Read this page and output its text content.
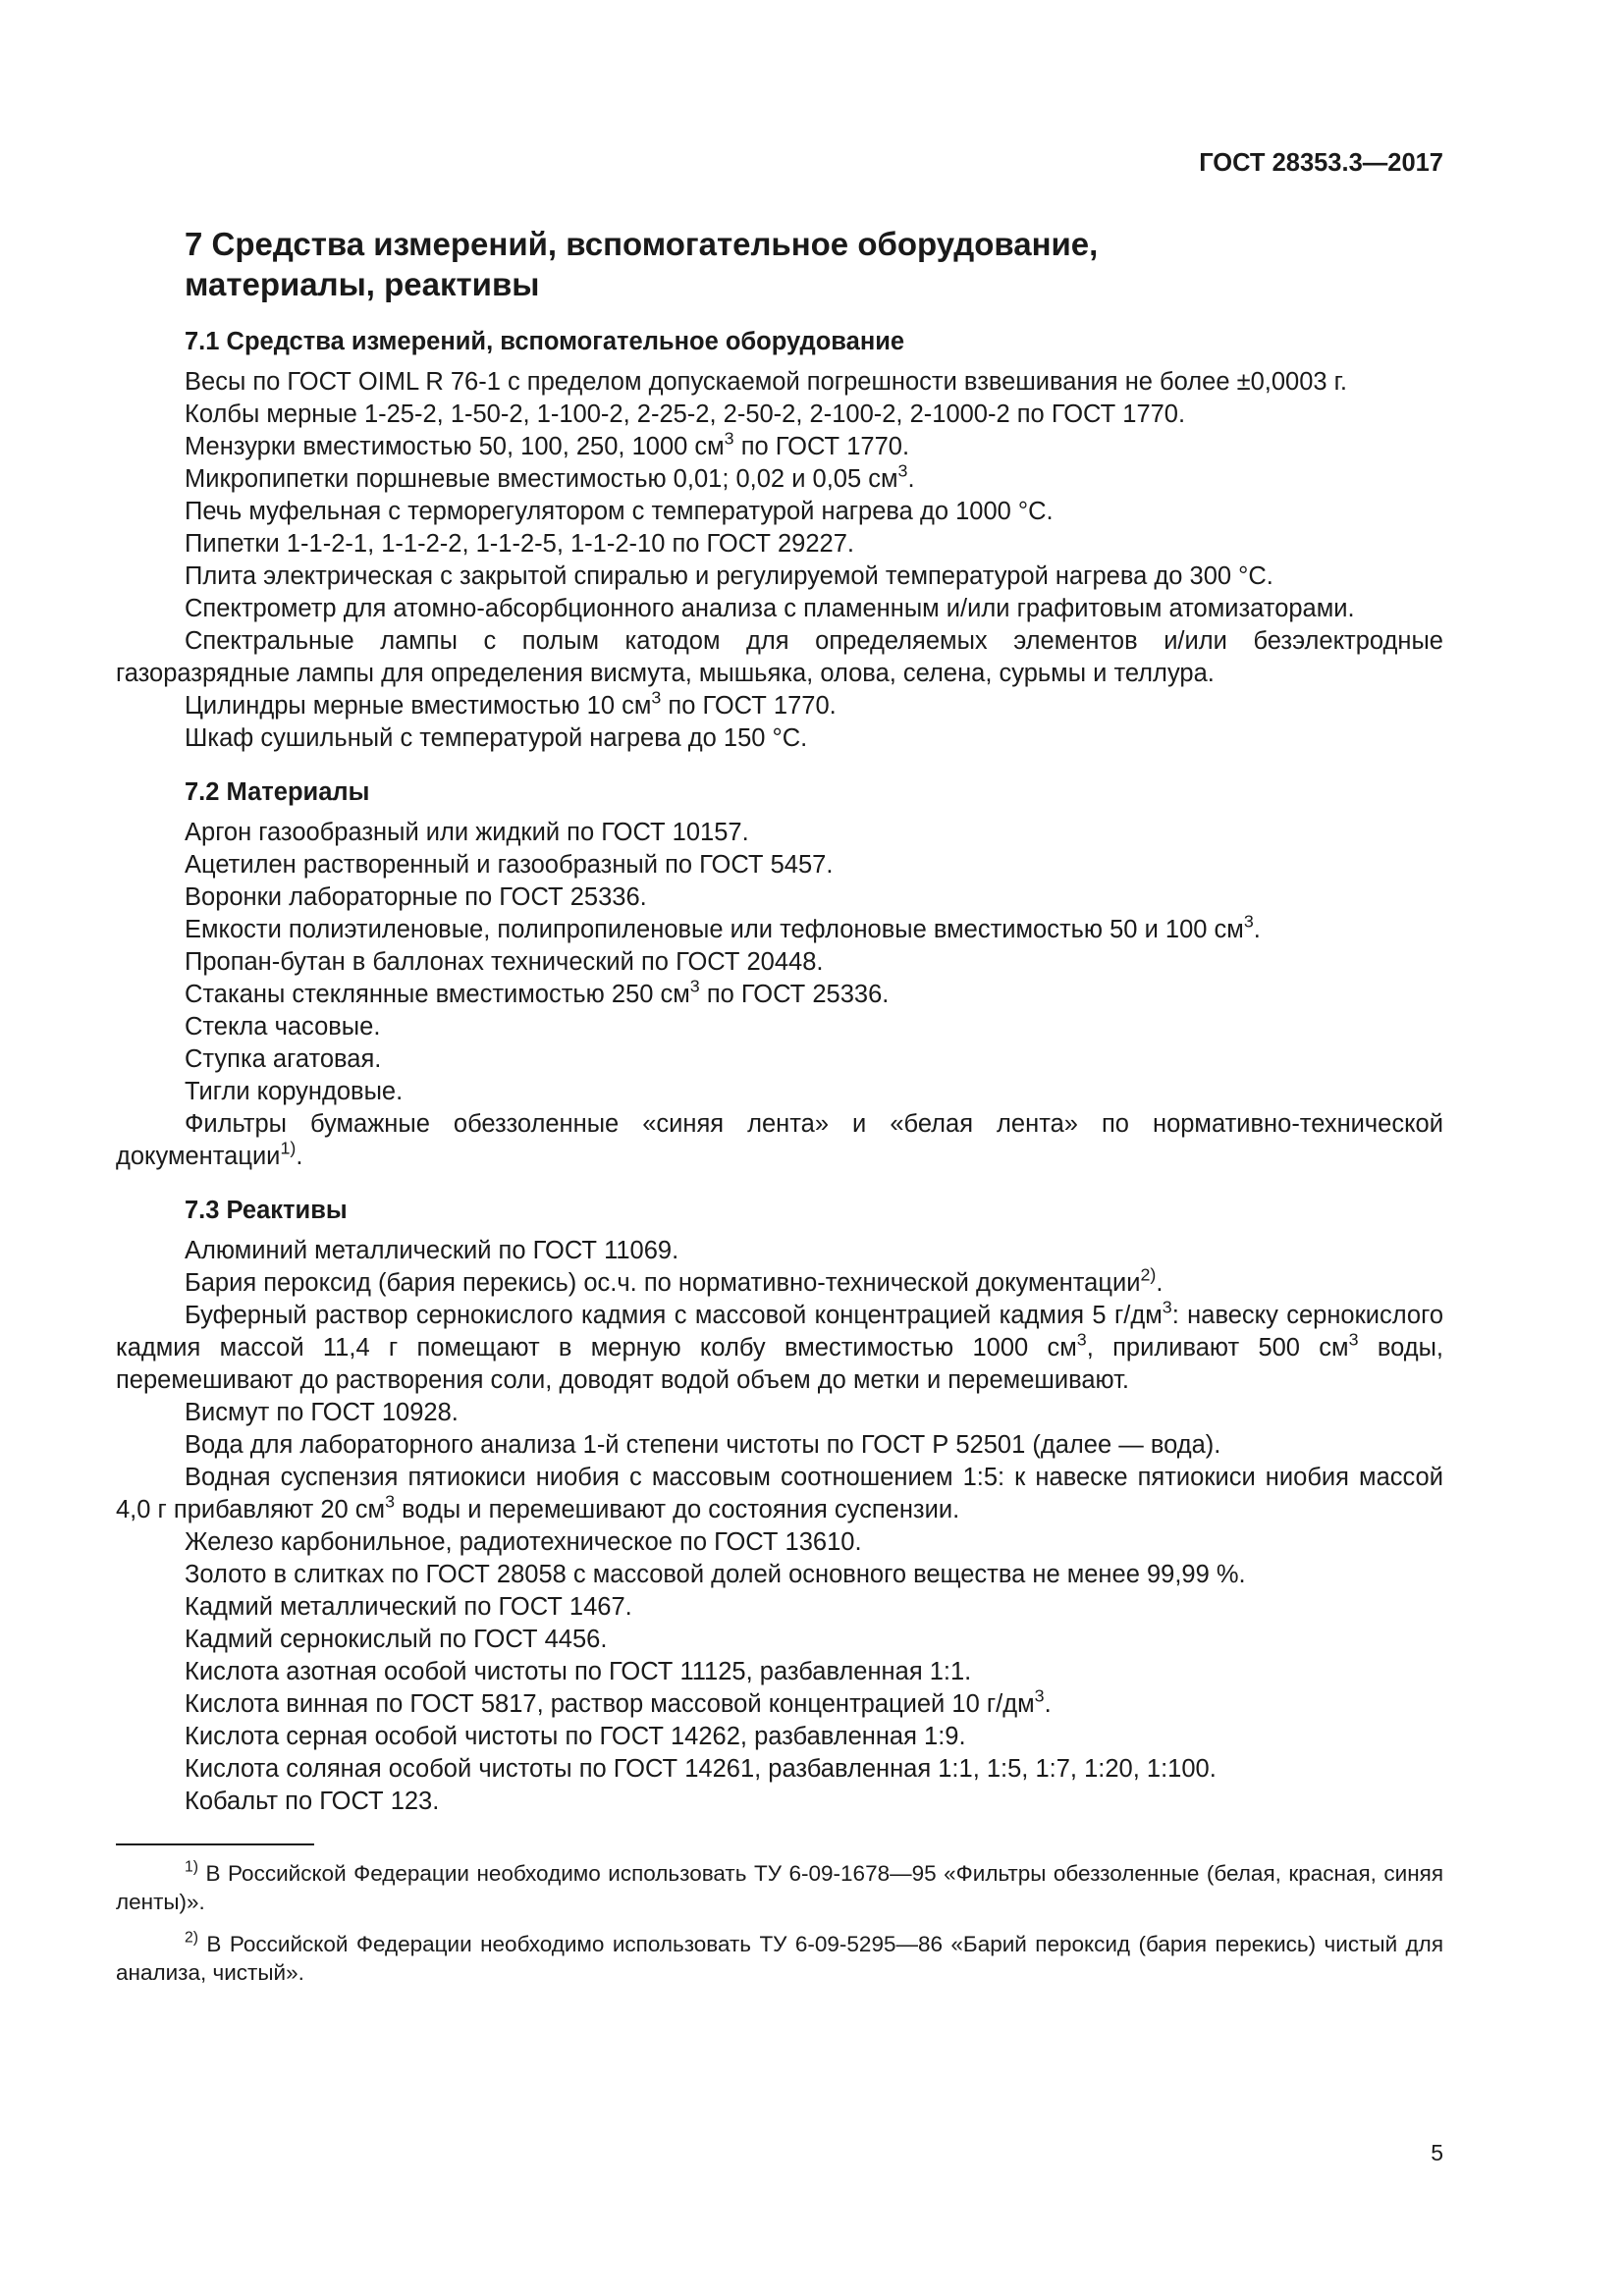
ГОСТ 28353.3—2017
7 Средства измерений, вспомогательное оборудование,
материалы, реактивы
7.1 Средства измерений, вспомогательное оборудование

Весы по ГОСТ OIML R 76-1 с пределом допускаемой погрешности взвешивания не более ±0,0003 г.

Колбы мерные 1-25-2, 1-50-2, 1-100-2, 2-25-2, 2-50-2, 2-100-2, 2-1000-2 по ГОСТ 1770.

Мензурки вместимостью 50, 100, 250, 1000 $см^3$ по ГОСТ 1770.

Микропипетки поршневые вместимостью 0,01; 0,02 и 0,05 $см^3$.

Печь муфельная с терморегулятором с температурой нагрева до 1000 °С.

Пипетки 1-1-2-1, 1-1-2-2, 1-1-2-5, 1-1-2-10 по ГОСТ 29227.

Плита электрическая с закрытой спиралью и регулируемой температурой нагрева до 300 °С.

Спектрометр для атомно-абсорбционного анализа с пламенным и/или графитовым атомизаторами.

Спектральные лампы с полым катодом для определяемых элементов и/или безэлектродные газоразрядные лампы для определения висмута, мышьяка, олова, селена, сурьмы и теллура.

Цилиндры мерные вместимостью 10 $см^3$ по ГОСТ 1770.

Шкаф сушильный с температурой нагрева до 150 °С.

7.2 Материалы

Аргон газообразный или жидкий по ГОСТ 10157.

Ацетилен растворенный и газообразный по ГОСТ 5457.

Воронки лабораторные по ГОСТ 25336.

Емкости полиэтиленовые, полипропиленовые или тефлоновые вместимостью 50 и 100 $см^3$.

Пропан-бутан в баллонах технический по ГОСТ 20448.

Стаканы стеклянные вместимостью 250 $см^3$ по ГОСТ 25336.

Стекла часовые.

Ступка агатовая.

Тигли корундовые.

Фильтры бумажные обеззоленные «синяя лента» и «белая лента» по нормативно-технической документации$^{1)}$.

7.3 Реактивы

Алюминий металлический по ГОСТ 11069.

Бария пероксид (бария перекись) ос.ч. по нормативно-технической документации$^{2)}$.

Буферный раствор сернокислого кадмия с массовой концентрацией кадмия 5 $г/дм^3$: навеску сернокислого кадмия массой 11,4 г помещают в мерную колбу вместимостью 1000 $см^3$, приливают 500 $см^3$ воды, перемешивают до растворения соли, доводят водой объем до метки и перемешивают.

Висмут по ГОСТ 10928.

Вода для лабораторного анализа 1-й степени чистоты по ГОСТ Р 52501 (далее — вода).

Водная суспензия пятиокиси ниобия с массовым соотношением 1:5: к навеске пятиокиси ниобия массой 4,0 г прибавляют 20 $см^3$ воды и перемешивают до состояния суспензии.

Железо карбонильное, радиотехническое по ГОСТ 13610.

Золото в слитках по ГОСТ 28058 с массовой долей основного вещества не менее 99,99 %.

Кадмий металлический по ГОСТ 1467.

Кадмий сернокислый по ГОСТ 4456.

Кислота азотная особой чистоты по ГОСТ 11125, разбавленная 1:1.

Кислота винная по ГОСТ 5817, раствор массовой концентрацией 10 $г/дм^3$.

Кислота серная особой чистоты по ГОСТ 14262, разбавленная 1:9.

Кислота соляная особой чистоты по ГОСТ 14261, разбавленная 1:1, 1:5, 1:7, 1:20, 1:100.

Кобальт по ГОСТ 123.

$^{1)}$ В Российской Федерации необходимо использовать ТУ 6-09-1678—95 «Фильтры обеззоленные (белая, красная, синяя ленты)».

$^{2)}$ В Российской Федерации необходимо использовать ТУ 6-09-5295—86 «Барий пероксид (бария перекись) чистый для анализа, чистый».

5
